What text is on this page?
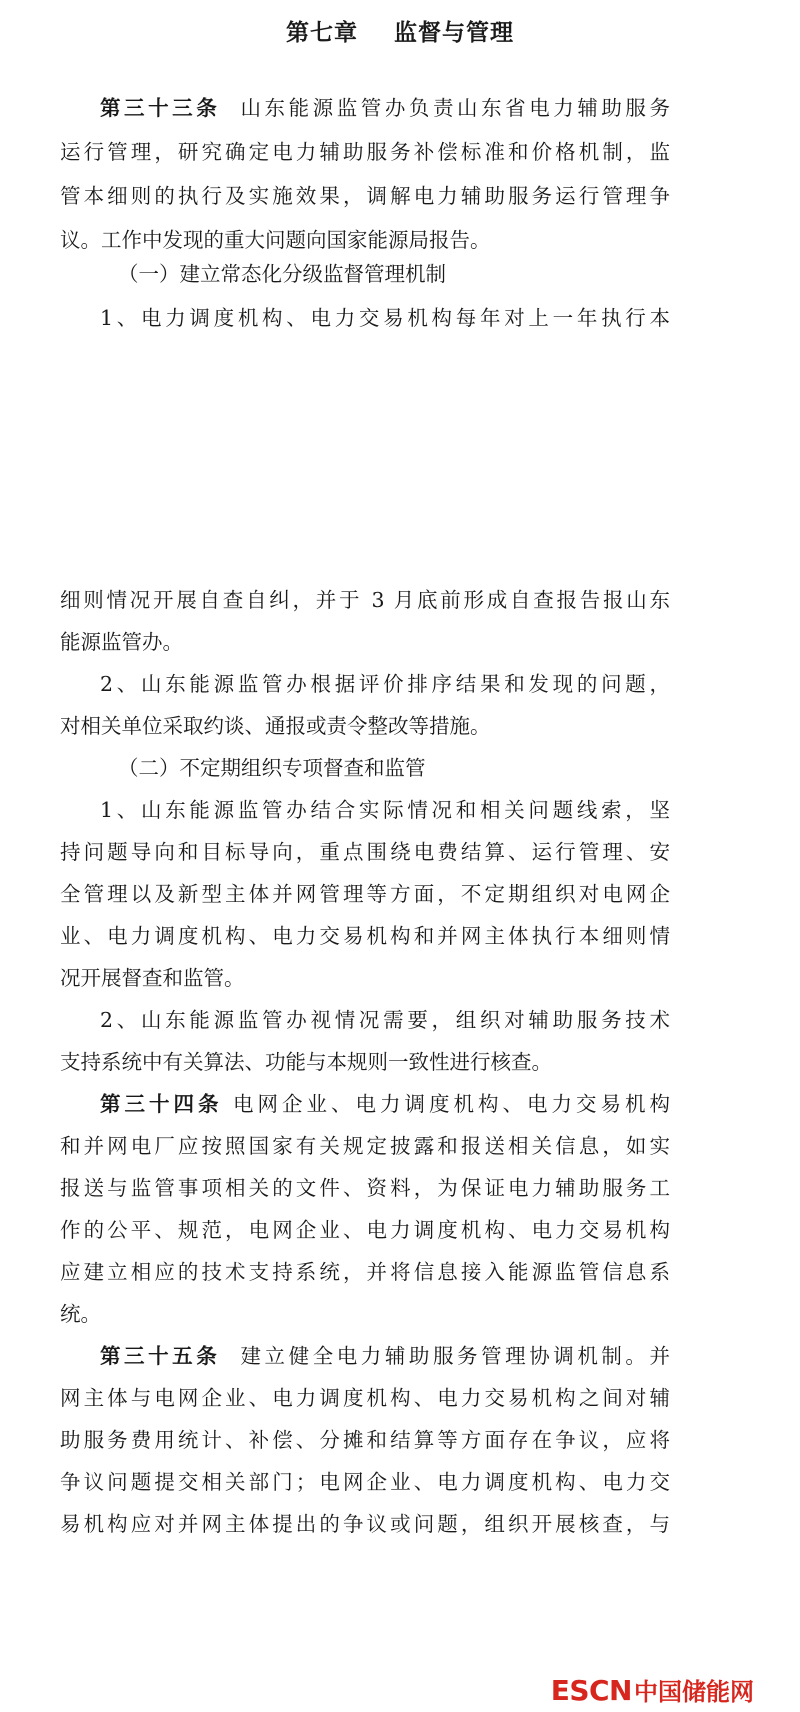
第七章    监督与管理
第三十三条 山东能源监管办负责山东省电力辅助服务
运行管理，研究确定电力辅助服务补偿标准和价格机制，监
管本细则的执行及实施效果，调解电力辅助服务运行管理争
议。工作中发现的重大问题向国家能源局报告。
（一）建立常态化分级监督管理机制
1、电力调度机构、电力交易机构每年对上一年执行本
细则情况开展自查自纠，并于 3 月底前形成自查报告报山东
能源监管办。
2、山东能源监管办根据评价排序结果和发现的问题，
对相关单位采取约谈、通报或责令整改等措施。
（二）不定期组织专项督查和监管
1、山东能源监管办结合实际情况和相关问题线索，坚
持问题导向和目标导向，重点围绕电费结算、运行管理、安
全管理以及新型主体并网管理等方面，不定期组织对电网企
业、电力调度机构、电力交易机构和并网主体执行本细则情
况开展督查和监管。
2、山东能源监管办视情况需要，组织对辅助服务技术
支持系统中有关算法、功能与本规则一致性进行核查。
第三十四条 电网企业、电力调度机构、电力交易机构
和并网电厂应按照国家有关规定披露和报送相关信息，如实
报送与监管事项相关的文件、资料，为保证电力辅助服务工
作的公平、规范，电网企业、电力调度机构、电力交易机构
应建立相应的技术支持系统，并将信息接入能源监管信息系
统。
第三十五条 建立健全电力辅助服务管理协调机制。并
网主体与电网企业、电力调度机构、电力交易机构之间对辅
助服务费用统计、补偿、分摊和结算等方面存在争议，应将
争议问题提交相关部门；电网企业、电力调度机构、电力交
易机构应对并网主体提出的争议或问题，组织开展核查，与
ESCN 中国储能网
